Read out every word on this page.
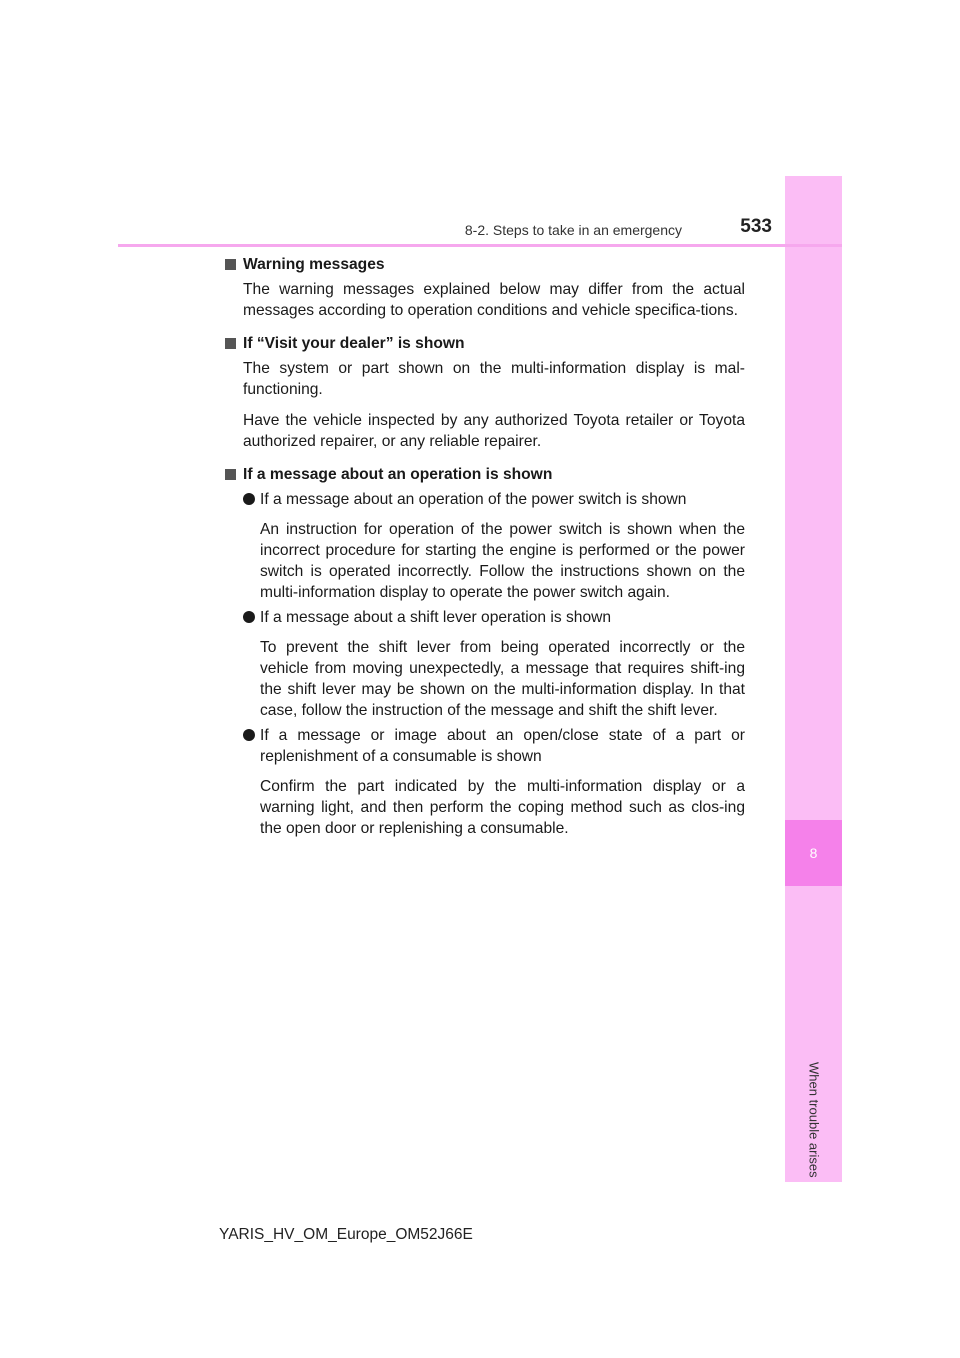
8
When trouble arises
8-2. Steps to take in an emergency	533
Warning messages
The warning messages explained below may differ from the actual messages according to operation conditions and vehicle specifica-tions.
If “Visit your dealer” is shown
The system or part shown on the multi-information display is mal-functioning.
Have the vehicle inspected by any authorized Toyota retailer or Toyota authorized repairer, or any reliable repairer.
If a message about an operation is shown
If a message about an operation of the power switch is shown
An instruction for operation of the power switch is shown when the incorrect procedure for starting the engine is performed or the power switch is operated incorrectly. Follow the instructions shown on the multi-information display to operate the power switch again.
If a message about a shift lever operation is shown
To prevent the shift lever from being operated incorrectly or the vehicle from moving unexpectedly, a message that requires shift-ing the shift lever may be shown on the multi-information display. In that case, follow the instruction of the message and shift the shift lever.
If a message or image about an open/close state of a part or replenishment of a consumable is shown
Confirm the part indicated by the multi-information display or a warning light, and then perform the coping method such as clos-ing the open door or replenishing a consumable.
YARIS_HV_OM_Europe_OM52J66E
